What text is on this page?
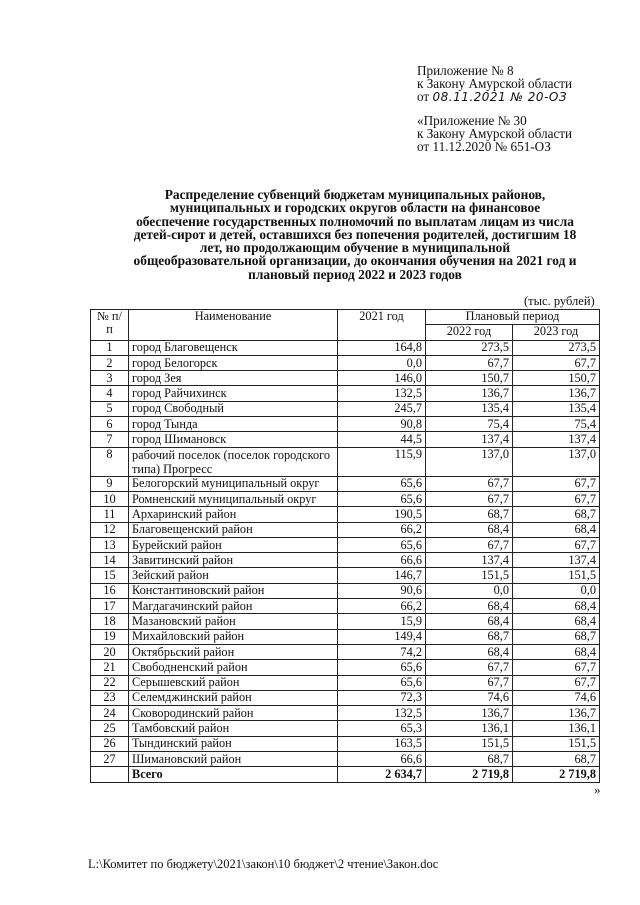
Приложение № 8
к Закону Амурской области
от 08.11.2021 № 20-ОЗ
«Приложение № 30
к Закону Амурской области
от 11.12.2020 № 651-ОЗ
Распределение субвенций бюджетам муниципальных районов,
муниципальных и городских округов области на финансовое
обеспечение государственных полномочий по выплатам лицам из числа
детей-сирот и детей, оставшихся без попечения родителей, достигшим 18
лет, но продолжающим обучение в муниципальной
общеобразовательной организации, до окончания обучения на 2021 год и
плановый период 2022 и 2023 годов
(тыс. рублей)
№ п/п	Наименование	2021 год	Плановый период	
			2022 год	2023 год
1	город Благовещенск	164,8	273,5	273,5
2	город Белогорск	0,0	67,7	67,7
3	город Зея	146,0	150,7	150,7
4	город Райчихинск	132,5	136,7	136,7
5	город Свободный	245,7	135,4	135,4
6	город Тында	90,8	75,4	75,4
7	город Шимановск	44,5	137,4	137,4
8	рабочий поселок (поселок городского типа) Прогресс	115,9	137,0	137,0
9	Белогорский муниципальный округ	65,6	67,7	67,7
10	Ромненский муниципальный округ	65,6	67,7	67,7
11	Архаринский район	190,5	68,7	68,7
12	Благовещенский район	66,2	68,4	68,4
13	Бурейский район	65,6	67,7	67,7
14	Завитинский район	66,6	137,4	137,4
15	Зейский район	146,7	151,5	151,5
16	Константиновский район	90,6	0,0	0,0
17	Магдагачинский район	66,2	68,4	68,4
18	Мазановский район	15,9	68,4	68,4
19	Михайловский район	149,4	68,7	68,7
20	Октябрьский район	74,2	68,4	68,4
21	Свободненский район	65,6	67,7	67,7
22	Серышевский район	65,6	67,7	67,7
23	Селемджинский район	72,3	74,6	74,6
24	Сковородинский район	132,5	136,7	136,7
25	Тамбовский район	65,3	136,1	136,1
26	Тындинский район	163,5	151,5	151,5
27	Шимановский район	66,6	68,7	68,7
	Всего	2 634,7	2 719,8	2 719,8
»
L:\Комитет по бюджету\2021\закон\10 бюджет\2 чтение\Закон.doc
